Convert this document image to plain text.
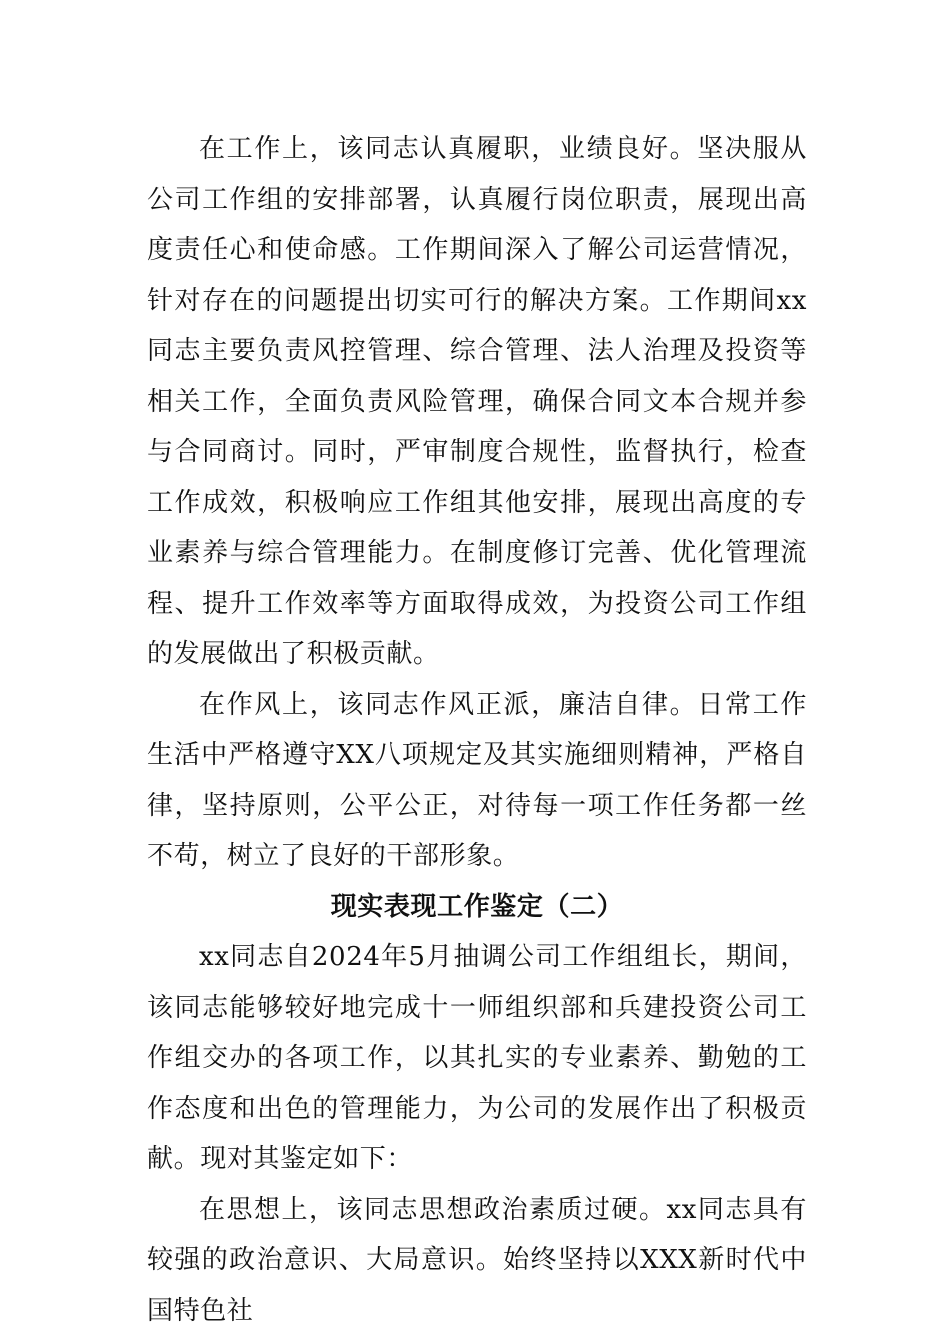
在工作上，该同志认真履职，业绩良好。坚决服从公司工作组的安排部署，认真履行岗位职责，展现出高度责任心和使命感。工作期间深入了解公司运营情况，针对存在的问题提出切实可行的解决方案。工作期间xx同志主要负责风控管理、综合管理、法人治理及投资等相关工作，全面负责风险管理，确保合同文本合规并参与合同商讨。同时，严审制度合规性，监督执行，检查工作成效，积极响应工作组其他安排，展现出高度的专业素养与综合管理能力。在制度修订完善、优化管理流程、提升工作效率等方面取得成效，为投资公司工作组的发展做出了积极贡献。

在作风上，该同志作风正派，廉洁自律。日常工作生活中严格遵守XX八项规定及其实施细则精神，严格自律，坚持原则，公平公正，对待每一项工作任务都一丝不苟，树立了良好的干部形象。

现实表现工作鉴定（二）

xx同志自2024年5月抽调公司工作组组长，期间，该同志能够较好地完成十一师组织部和兵建投资公司工作组交办的各项工作，以其扎实的专业素养、勤勉的工作态度和出色的管理能力，为公司的发展作出了积极贡献。现对其鉴定如下：

在思想上，该同志思想政治素质过硬。xx同志具有较强的政治意识、大局意识。始终坚持以XXX新时代中国特色社
